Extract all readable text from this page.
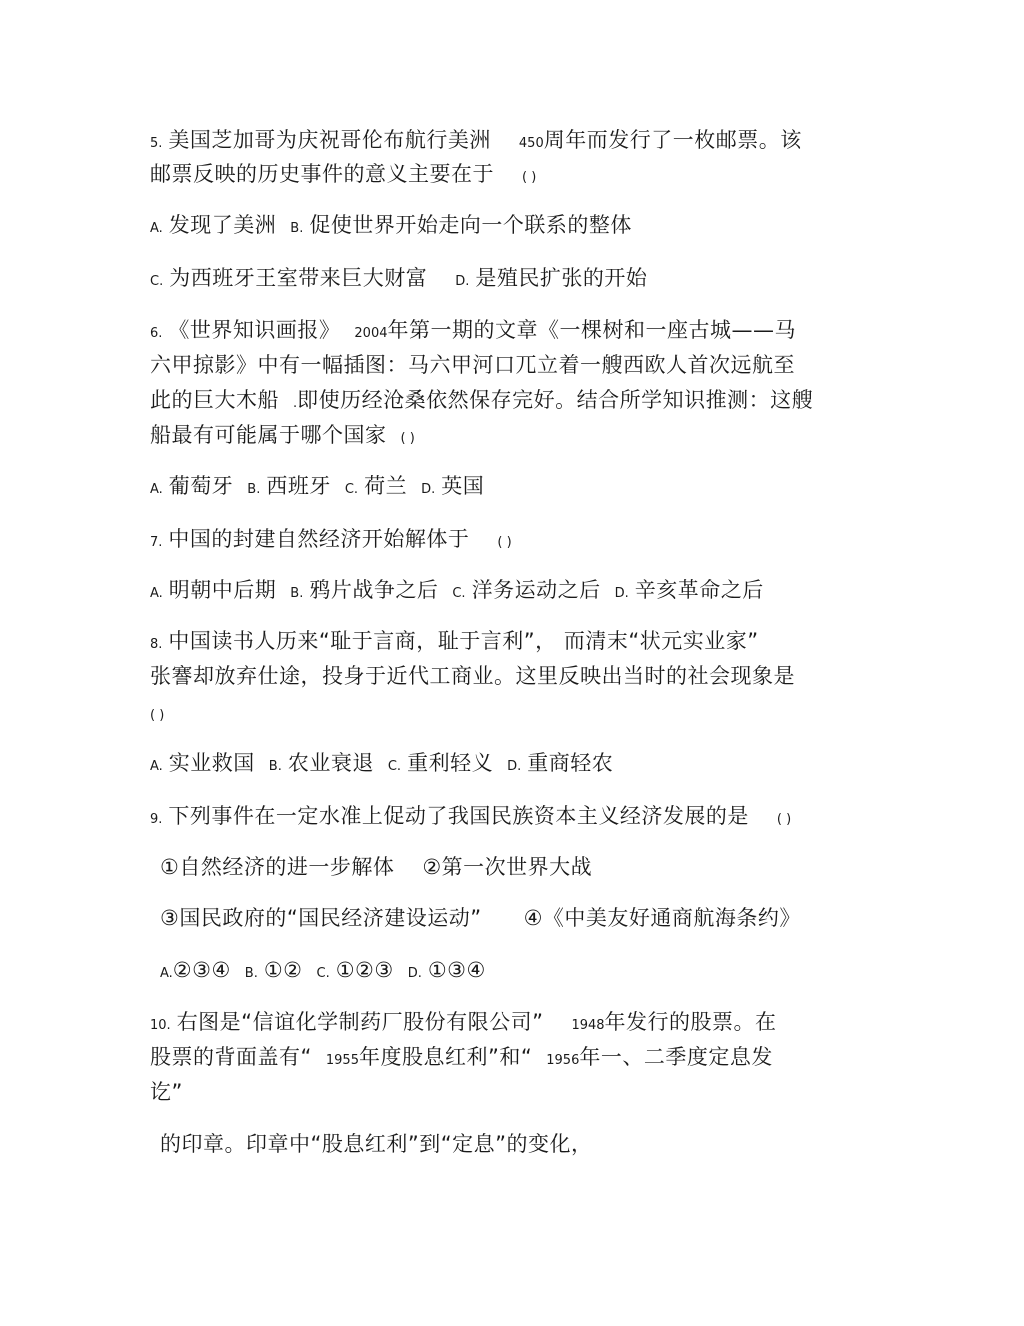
5. 美国芝加哥为庆祝哥伦布航行美洲 450周年而发行了一枚邮票。该
邮票反映的历史事件的意义主要在于 ( )
A. 发现了美洲 B. 促使世界开始走向一个联系的整体
C. 为西班牙王室带来巨大财富 D. 是殖民扩张的开始
6. 《世界知识画报》 2004年第一期的文章《一棵树和一座古城——马
六甲掠影》中有一幅插图：马六甲河口兀立着一艘西欧人首次远航至
此的巨大木船 .即使历经沧桑依然保存完好。结合所学知识推测：这艘
船最有可能属于哪个国家 ( )
A. 葡萄牙 B. 西班牙 C. 荷兰 D. 英国
7. 中国的封建自然经济开始解体于 ( )
A. 明朝中后期 B. 鸦片战争之后 C. 洋务运动之后 D. 辛亥革命之后
8. 中国读书人历来“耻于言商，耻于言利”， 而清末“状元实业家”
张謇却放弃仕途，投身于近代工商业。这里反映出当时的社会现象是
( )
A. 实业救国 B. 农业衰退 C. 重利轻义 D. 重商轻农
9. 下列事件在一定水准上促动了我国民族资本主义经济发展的是 ( )
①自然经济的进一步解体 ②第一次世界大战
③国民政府的“国民经济建设运动” ④《中美友好通商航海条约》
A.②③④ B. ①② C. ①②③ D. ①③④
10. 右图是“信谊化学制药厂股份有限公司” 1948年发行的股票。在
股票的背面盖有“ 1955年度股息红利”和“ 1956年一、二季度定息发
讫”
的印章。印章中“股息红利”到“定息”的变化，
